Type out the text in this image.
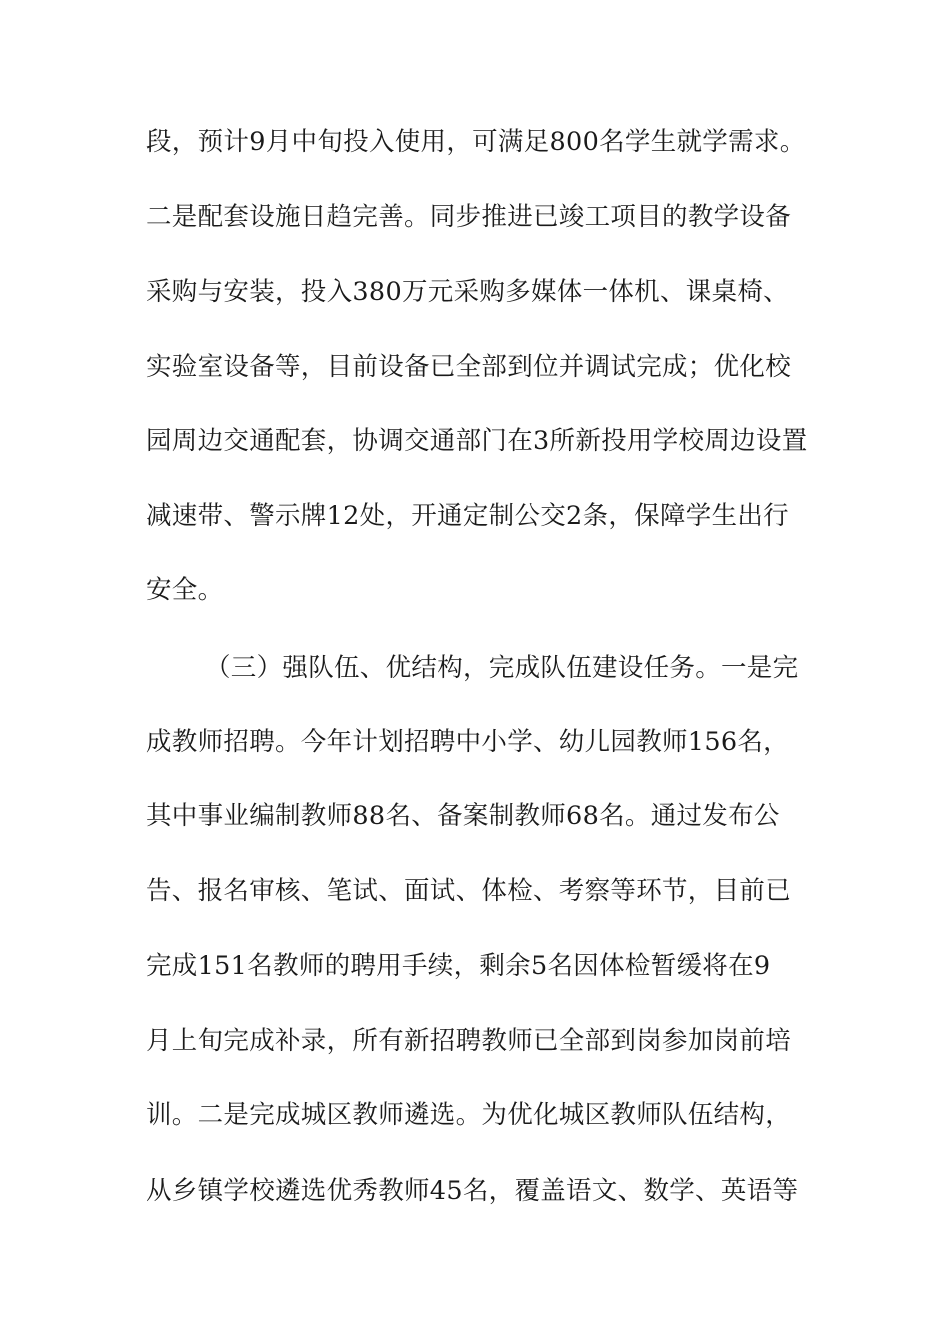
段，预计9月中旬投入使用，可满足800名学生就学需求。
二是配套设施日趋完善。同步推进已竣工项目的教学设备
采购与安装，投入380万元采购多媒体一体机、课桌椅、
实验室设备等，目前设备已全部到位并调试完成；优化校
园周边交通配套，协调交通部门在3所新投用学校周边设置
减速带、警示牌12处，开通定制公交2条，保障学生出行
安全。
（三）强队伍、优结构，完成队伍建设任务。一是完
成教师招聘。今年计划招聘中小学、幼儿园教师156名，
其中事业编制教师88名、备案制教师68名。通过发布公
告、报名审核、笔试、面试、体检、考察等环节，目前已
完成151名教师的聘用手续，剩余5名因体检暂缓将在9
月上旬完成补录，所有新招聘教师已全部到岗参加岗前培
训。二是完成城区教师遴选。为优化城区教师队伍结构，
从乡镇学校遴选优秀教师45名，覆盖语文、数学、英语等
